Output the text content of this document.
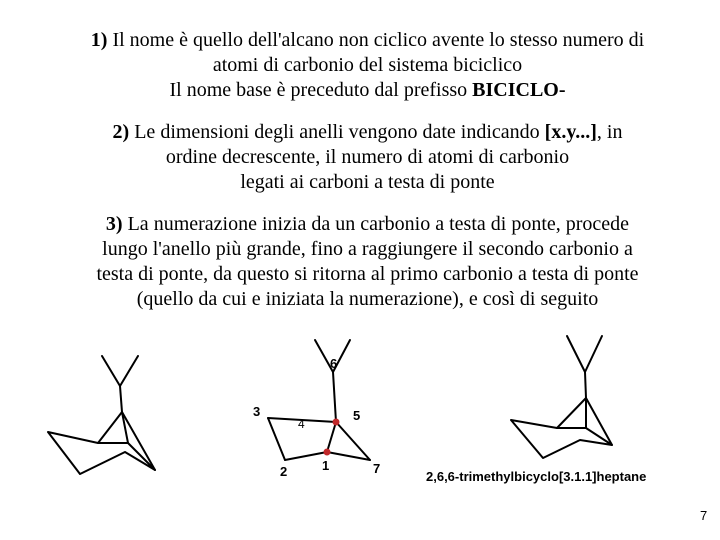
1) Il nome è quello dell'alcano non ciclico avente lo stesso numero di
atomi di carbonio del sistema biciclico
Il nome base è preceduto dal prefisso BICICLO-
2) Le dimensioni degli anelli vengono date indicando [x.y...], in
ordine decrescente, il numero di atomi di carbonio
legati ai carboni a testa di ponte
3) La numerazione inizia da un carbonio a testa di ponte, procede
lungo l'anello più grande, fino a raggiungere il secondo carbonio a
testa di ponte, da questo si ritorna al primo carbonio a testa di ponte
(quello da cui e iniziata la numerazione), e così di seguito
6
5
4
3
2	1	7
2,6,6-trimethylbicyclo[3.1.1]heptane
7
